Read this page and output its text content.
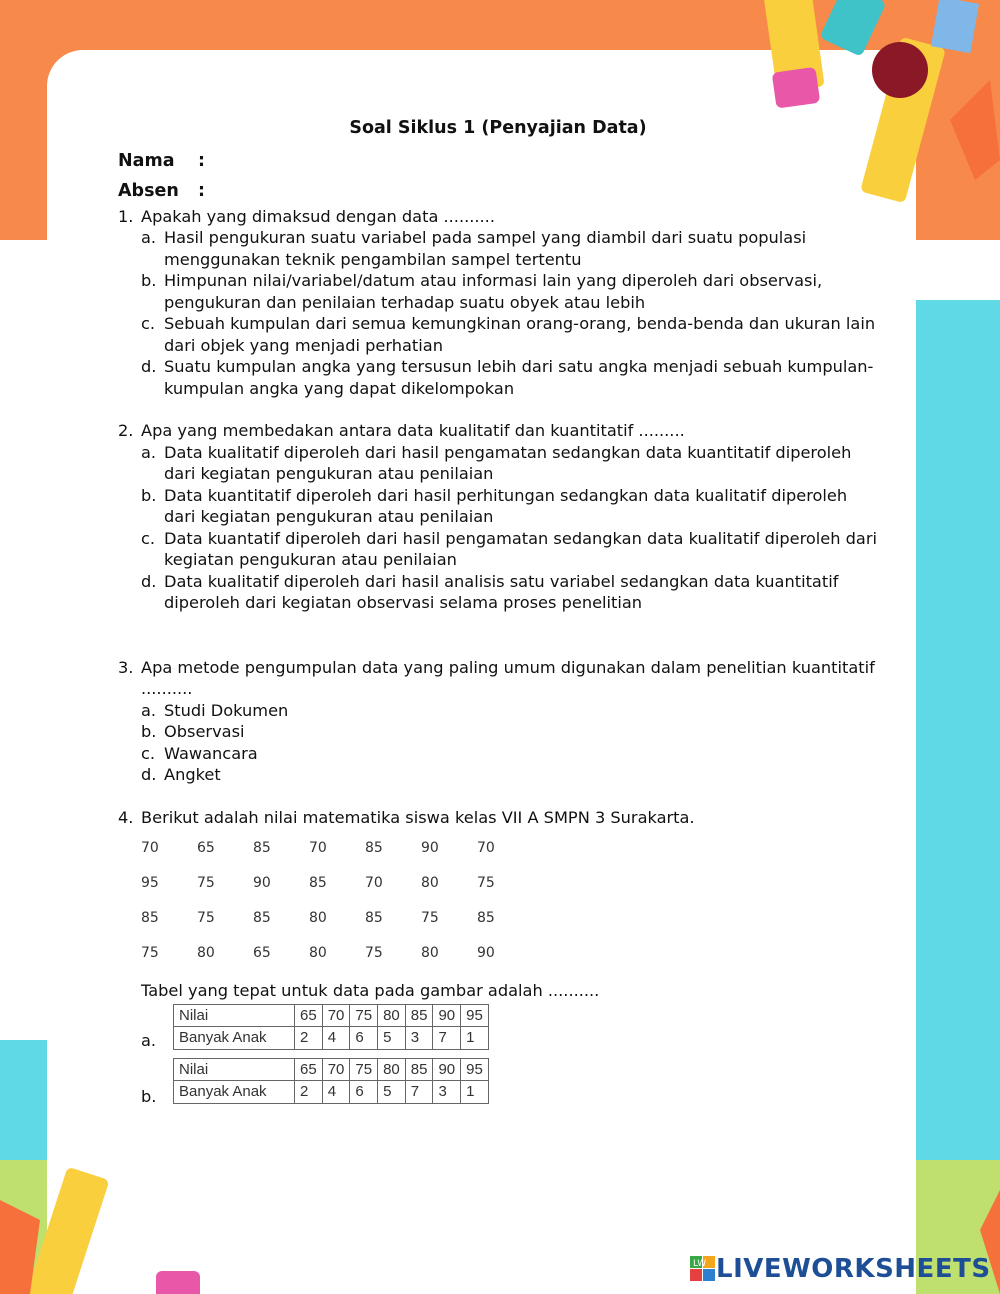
Soal Siklus 1 (Penyajian Data)

Nama :

Absen :

1. Apakah yang dimaksud dengan data ..........
a. Hasil pengukuran suatu variabel pada sampel yang diambil dari suatu populasi menggunakan teknik pengambilan sampel tertentu
b. Himpunan nilai/variabel/datum atau informasi lain yang diperoleh dari observasi, pengukuran dan penilaian terhadap suatu obyek atau lebih
c. Sebuah kumpulan dari semua kemungkinan orang-orang, benda-benda dan ukuran lain dari objek yang menjadi perhatian
d. Suatu kumpulan angka yang tersusun lebih dari satu angka menjadi sebuah kumpulan-kumpulan angka yang dapat dikelompokan
2. Apa yang membedakan antara data kualitatif dan kuantitatif .........
a. Data kualitatif diperoleh dari hasil pengamatan sedangkan data kuantitatif diperoleh dari kegiatan pengukuran atau penilaian
b. Data kuantitatif diperoleh dari hasil perhitungan sedangkan data kualitatif diperoleh dari kegiatan pengukuran atau penilaian
c. Data kuantatif diperoleh dari hasil pengamatan sedangkan data kualitatif diperoleh dari kegiatan pengukuran atau penilaian
d. Data kualitatif diperoleh dari hasil analisis satu variabel sedangkan data kuantitatif diperoleh dari kegiatan observasi selama proses penelitian
3. Apa metode pengumpulan data yang paling umum digunakan dalam penelitian kuantitatif ..........
a. Studi Dokumen
b. Observasi
c. Wawancara
d. Angket
4. Berikut adalah nilai matematika siswa kelas VII A SMPN 3 Surakarta.
70	65	85	70	85	90	70
95	75	90	85	70	80	75
85	75	85	80	85	75	85
75	80	65	80	75	80	90
Tabel yang tepat untuk data pada gambar adalah ..........
a.
Nilai	65	70	75	80	85	90	95
Banyak Anak	2	4	6	5	3	7	1
b.
Nilai	65	70	75	80	85	90	95
Banyak Anak	2	4	6	5	7	3	1
LW LIVEWORKSHEETS
